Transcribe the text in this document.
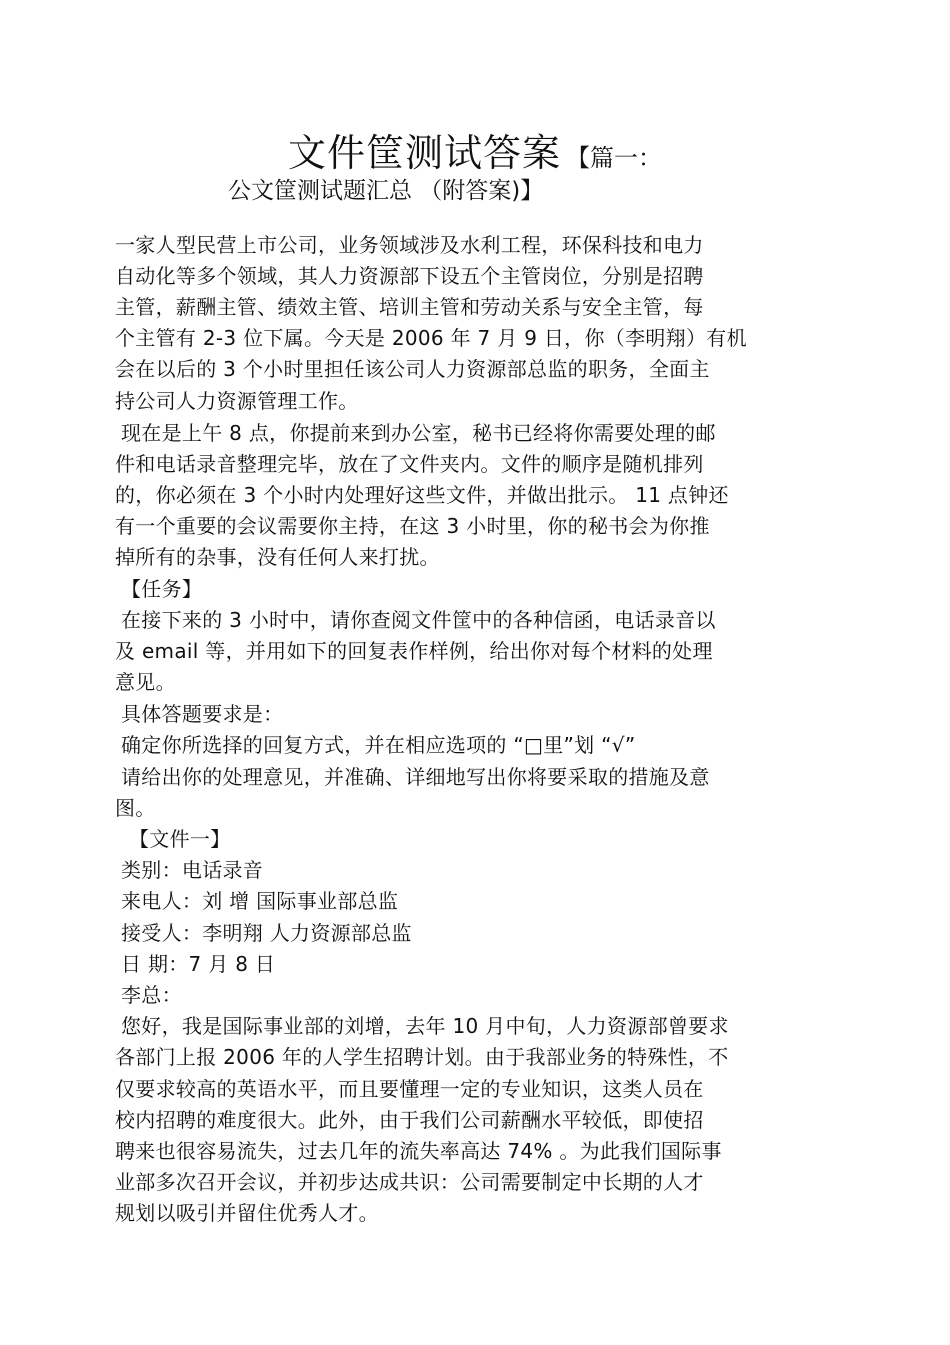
文件筐测试答案 【篇一：
公文筐测试题汇总 （附答案)】
一家人型民营上市公司，业务领域涉及水利工程，环保科技和电力
自动化等多个领域，其人力资源部下设五个主管岗位，分别是招聘
主管，薪酬主管、绩效主管、培训主管和劳动关系与安全主管，每
个主管有 2-3 位下属。今天是 2006 年 7 月 9 日，你（李明翔）有机
会在以后的 3 个小时里担任该公司人力资源部总监的职务，全面主
持公司人力资源管理工作。
现在是上午 8 点，你提前来到办公室，秘书已经将你需要处理的邮
件和电话录音整理完毕，放在了文件夹内。文件的顺序是随机排列
的，你必须在 3 个小时内处理好这些文件，并做出批示。 11 点钟还
有一个重要的会议需要你主持，在这 3 小时里，你的秘书会为你推
掉所有的杂事，没有任何人来打扰。
【任务】
在接下来的 3 小时中，请你查阅文件筐中的各种信函，电话录音以
及 email 等，并用如下的回复表作样例，给出你对每个材料的处理
意见。
具体答题要求是：
确定你所选择的回复方式，并在相应选项的 “□里”划 “√”
请给出你的处理意见，并准确、详细地写出你将要采取的措施及意
图。
【文件一】
类别：电话录音
来电人：刘 增 国际事业部总监
接受人：李明翔 人力资源部总监
日 期：7 月 8 日
李总：
您好，我是国际事业部的刘增，去年 10 月中旬，人力资源部曾要求
各部门上报 2006 年的人学生招聘计划。由于我部业务的特殊性，不
仅要求较高的英语水平，而且要懂理一定的专业知识，这类人员在
校内招聘的难度很大。此外，由于我们公司薪酬水平较低，即使招
聘来也很容易流失，过去几年的流失率高达 74% 。为此我们国际事
业部多次召开会议，并初步达成共识：公司需要制定中长期的人才
规划以吸引并留住优秀人才。
